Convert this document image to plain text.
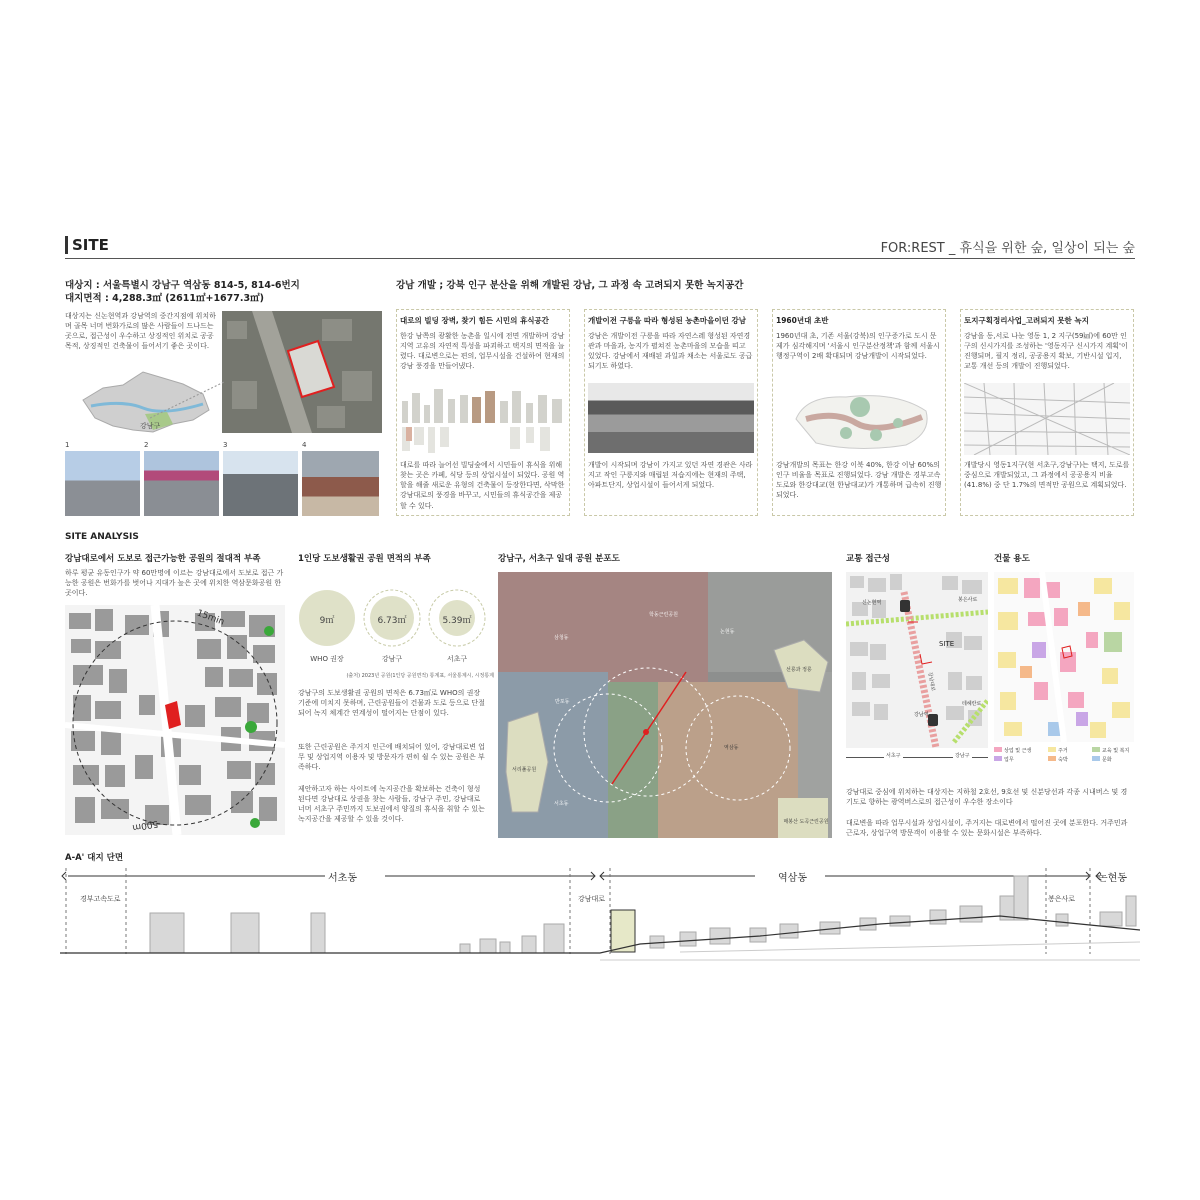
SITE	FOR:REST _ 휴식을 위한 숲, 일상이 되는 숲
대상지 : 서울특별시 강남구 역삼동 814-5, 814-6번지
대지면적 : 4,288.3㎡ (2611㎡+1677.3㎡)
대상지는 신논현역과 강남역의 중간지점에 위치하며 골목 너머 번화가로의 많은 사람들이 드나드는 곳으로, 접근성이 우수하고 상징적인 위치로 공공 목적, 상징적인 건축물이 들어서기 좋은 곳이다.
강남구
1	2	3	4
강남 개발 ; 강북 인구 분산을 위해 개발된 강남, 그 과정 속 고려되지 못한 녹지공간
대로의 빌딩 장벽, 찾기 힘든 시민의 휴식공간
한강 남쪽의 광활한 농촌을 일시에 전면 개발하며 강남 지역 고유의 자연적 특성을 파괴하고 택지의 면적을 늘렸다. 대로변으로는 편의, 업무시설을 건설하여 현재의 강남 풍경을 만들어냈다.
대로를 따라 늘어선 빌딩숲에서 시민들이 휴식을 위해 찾는 곳은 카페, 식당 등의 상업시설이 되었다. 공원 역할을 해줄 새로운 유형의 건축물이 등장한다면, 삭막한 강남대로의 풍경을 바꾸고, 시민들의 휴식공간을 제공할 수 있다.
개발이전 구릉을 따라 형성된 농촌마을이던 강남
강남은 개발이전 구릉을 따라 자연스레 형성된 자연경관과 마을과, 농지가 펼쳐진 농촌마을의 모습을 띠고 있었다. 강남에서 재배된 과일과 채소는 서울로도 공급되기도 하였다.
개발이 시작되며 강남이 가지고 있던 자연 경관은 사라지고 작인 구릉지와 매립된 저습지에는 현재의 주택, 아파트단지, 상업시설이 들어서게 되었다.
1960년대 초반
1960년대 초, 기존 서울(강북)의 인구증가로 도시 문제가 심각해지며 '서울시 인구분산정책'과 함께 서울시 행정구역이 2배 확대되며 강남개발이 시작되었다.
강남개발의 목표는 한강 이북 40%, 한강 이남 60%의 인구 비율을 목표로 진행되었다. 강남 개발은 경부고속도로와 한강대교(현 한남대교)가 개통하며 급속히 진행되었다.
토지구획정리사업_고려되지 못한 녹지
강남을 동,서로 나눈 영동 1, 2 지구(59㎢)에 60만 인구의 신시가지를 조성하는 '영동지구 신시가지 계획'이 진행되며, 필지 정리, 공공용지 확보, 기반시설 입지, 교통 개선 등의 개발이 진행되었다.
개발당시 영동1지구(현 서초구,강남구)는 택지, 도로를 중심으로 개발되었고, 그 과정에서 공공용지 비율(41.8%) 중 단 1.7%의 면적만 공원으로 계획되었다.
SITE ANALYSIS
강남대로에서 도보로 접근가능한 공원의 절대적 부족
하루 평균 유동인구가 약 60만명에 이르는 강남대로에서 도보로 접근 가능한 공원은 번화가를 벗어나 지대가 높은 곳에 위치한 역삼문화공원 한 곳이다.
15min
500m
1인당 도보생활권 공원 면적의 부족
9㎡	6.73㎡	5.39㎡
WHO 권장	강남구	서초구
(출처) 2023년 공원(1인당 공원면적) 통계표, 서울통계시, 시정통계
강남구의 도보생활권 공원의 면적은 6.73㎡로 WHO의 권장 기준에 미치지 못하며, 근린공원들이 건물과 도로 등으로 단절되어 녹지 체계간 연계성이 떨어지는 단점이 있다.
또한 근린공원은 주거지 인근에 배치되어 있어, 강남대로변 업무 및 상업지역 이용자 및 방문자가 편히 쉴 수 있는 공원은 부족하다.
제안하고자 하는 사이트에 녹지공간을 확보하는 건축이 형성된다면 강남대로 상권을 찾는 사람들, 강남구 주민, 강남대로 너머 서초구 주민까지 도보권에서 양질의 휴식을 취할 수 있는 녹지공간을 제공할 수 있을 것이다.
강남구, 서초구 일대 공원 분포도
학동근린공원
삼청동
논현동
반포동
선릉과 정릉
서리풀공원
역삼동
서초동
매봉산 도곡근린공원
교통 접근성
신논현역
강남역
SITE
봉은사로
강남대로
테헤란로
서초구	강남구
강남대로 중심에 위치하는 대상지는 지하철 2호선, 9호선 및 신분당선과 각종 시내버스 및 경기도로 향하는 광역버스로의 접근성이 우수한 장소이다
대로변을 따라 업무시설과 상업시설이, 주거지는 대로변에서 떨어진 곳에 분포한다. 거주민과 근로자, 상업구역 방문객이 이용할 수 있는 문화시설은 부족하다.
건물 용도
상업 및 근생	주거	교육 및 복지
업무	숙박	문화
A-A' 대지 단면
서초동	역삼동	논현동
경부고속도로	강남대로	봉은사로
